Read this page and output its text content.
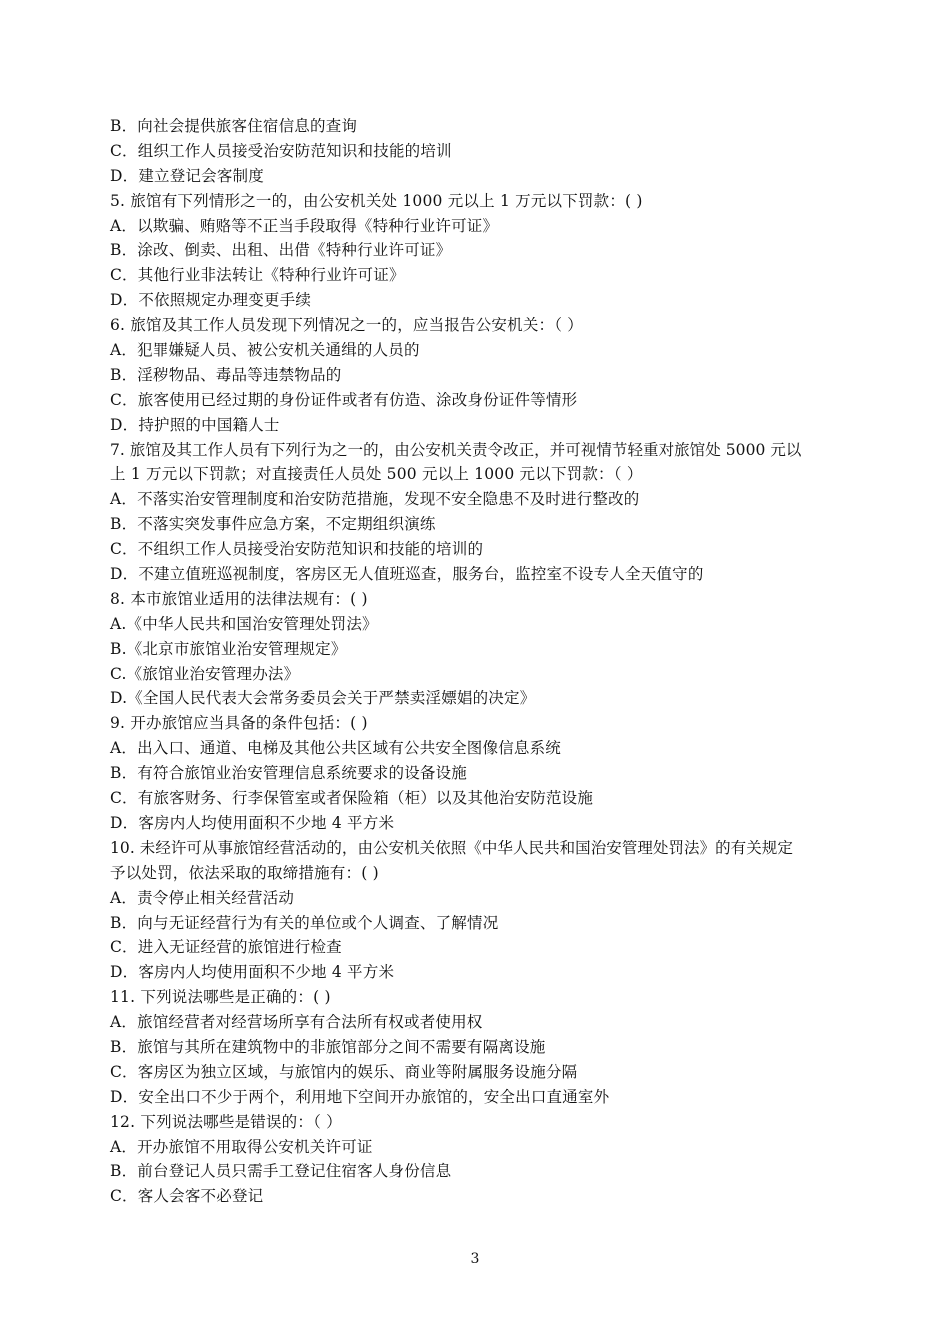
B．向社会提供旅客住宿信息的查询
C．组织工作人员接受治安防范知识和技能的培训
D．建立登记会客制度
5. 旅馆有下列情形之一的，由公安机关处 1000 元以上 1 万元以下罚款：( )
A．以欺骗、贿赂等不正当手段取得《特种行业许可证》
B．涂改、倒卖、出租、出借《特种行业许可证》
C．其他行业非法转让《特种行业许可证》
D．不依照规定办理变更手续
6. 旅馆及其工作人员发现下列情况之一的，应当报告公安机关：（ ）
A．犯罪嫌疑人员、被公安机关通缉的人员的
B．淫秽物品、毒品等违禁物品的
C．旅客使用已经过期的身份证件或者有仿造、涂改身份证件等情形
D．持护照的中国籍人士
7. 旅馆及其工作人员有下列行为之一的，由公安机关责令改正，并可视情节轻重对旅馆处 5000 元以
上 1 万元以下罚款；对直接责任人员处 500 元以上 1000 元以下罚款：（ ）
A．不落实治安管理制度和治安防范措施，发现不安全隐患不及时进行整改的
B．不落实突发事件应急方案，不定期组织演练
C．不组织工作人员接受治安防范知识和技能的培训的
D．不建立值班巡视制度，客房区无人值班巡查，服务台，监控室不设专人全天值守的
8. 本市旅馆业适用的法律法规有：( )
A.《中华人民共和国治安管理处罚法》
B.《北京市旅馆业治安管理规定》
C.《旅馆业治安管理办法》
D.《全国人民代表大会常务委员会关于严禁卖淫嫖娼的决定》
9. 开办旅馆应当具备的条件包括：( )
A．出入口、通道、电梯及其他公共区域有公共安全图像信息系统
B．有符合旅馆业治安管理信息系统要求的设备设施
C．有旅客财务、行李保管室或者保险箱（柜）以及其他治安防范设施
D．客房内人均使用面积不少地 4 平方米
10. 未经许可从事旅馆经营活动的，由公安机关依照《中华人民共和国治安管理处罚法》的有关规定
予以处罚，依法采取的取缔措施有：( )
A．责令停止相关经营活动
B．向与无证经营行为有关的单位或个人调查、了解情况
C．进入无证经营的旅馆进行检查
D．客房内人均使用面积不少地 4 平方米
11. 下列说法哪些是正确的：( )
A．旅馆经营者对经营场所享有合法所有权或者使用权
B．旅馆与其所在建筑物中的非旅馆部分之间不需要有隔离设施
C．客房区为独立区域，与旅馆内的娱乐、商业等附属服务设施分隔
D．安全出口不少于两个，利用地下空间开办旅馆的，安全出口直通室外
12. 下列说法哪些是错误的：（ ）
A．开办旅馆不用取得公安机关许可证
B．前台登记人员只需手工登记住宿客人身份信息
C．客人会客不必登记
3
